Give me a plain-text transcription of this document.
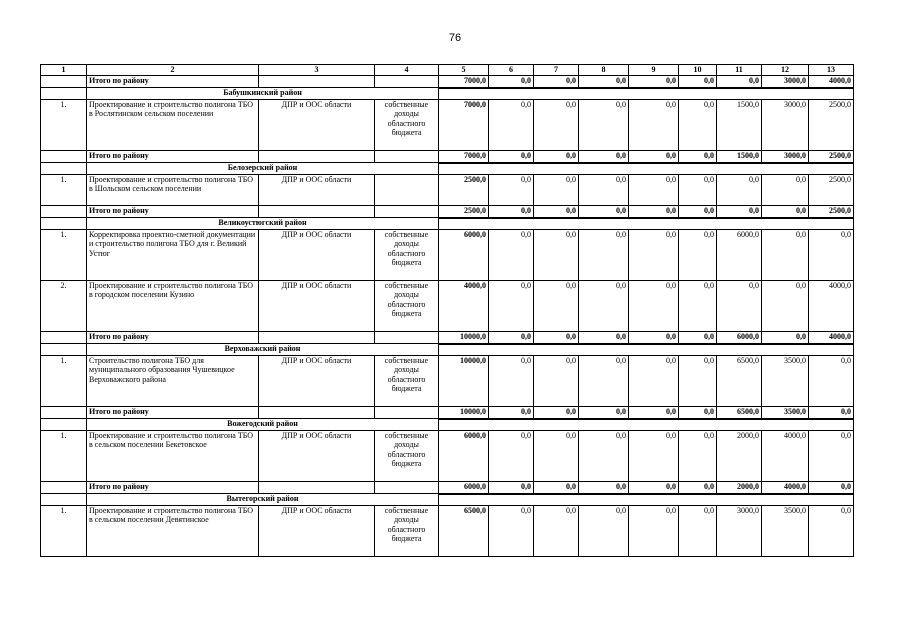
76
1	2	3	4	5	6	7	8	9	10	11	12	13
	Итого по району			7000,0	0,0	0,0	0,0	0,0	0,0	0,0	3000,0	4000,0
	Бабушкинский район											
1.	Проектирование и строительство полигона ТБО в Рослятинском сельском поселении	ДПР и ООС области	собственные доходы областного бюджета	7000,0	0,0	0,0	0,0	0,0	0,0	1500,0	3000,0	2500,0
	Итого по району			7000,0	0,0	0,0	0,0	0,0	0,0	1500,0	3000,0	2500,0
	Белозерский район											
1.	Проектирование и строительство полигона ТБО в Шольском сельском поселении	ДПР и ООС области		2500,0	0,0	0,0	0,0	0,0	0,0	0,0	0,0	2500,0
	Итого по району			2500,0	0,0	0,0	0,0	0,0	0,0	0,0	0,0	2500,0
	Великоустюгский район											
1.	Корректировка проектно-сметной документации и строительство полигона ТБО для г. Великий Устюг	ДПР и ООС области	собственные доходы областного бюджета	6000,0	0,0	0,0	0,0	0,0	0,0	6000,0	0,0	0,0
2.	Проектирование и строительство полигона ТБО в городском поселении Кузино	ДПР и ООС области	собственные доходы областного бюджета	4000,0	0,0	0,0	0,0	0,0	0,0	0,0	0,0	4000,0
	Итого по району			10000,0	0,0	0,0	0,0	0,0	0,0	6000,0	0,0	4000,0
	Верховажский район											
1.	Строительство полигона ТБО для муниципального образования Чушевицкое Верховажского района	ДПР и ООС области	собственные доходы областного бюджета	10000,0	0,0	0,0	0,0	0,0	0,0	6500,0	3500,0	0,0
	Итого по району			10000,0	0,0	0,0	0,0	0,0	0,0	6500,0	3500,0	0,0
	Вожегодский район											
1.	Проектирование и строительство полигона ТБО в сельском поселении Бекетовское	ДПР и ООС области	собственные доходы областного бюджета	6000,0	0,0	0,0	0,0	0,0	0,0	2000,0	4000,0	0,0
	Итого по району			6000,0	0,0	0,0	0,0	0,0	0,0	2000,0	4000,0	0,0
	Вытегорский район											
1.	Проектирование и строительство полигона ТБО в сельском поселении Девятинское	ДПР и ООС области	собственные доходы областного бюджета	6500,0	0,0	0,0	0,0	0,0	0,0	3000,0	3500,0	0,0
